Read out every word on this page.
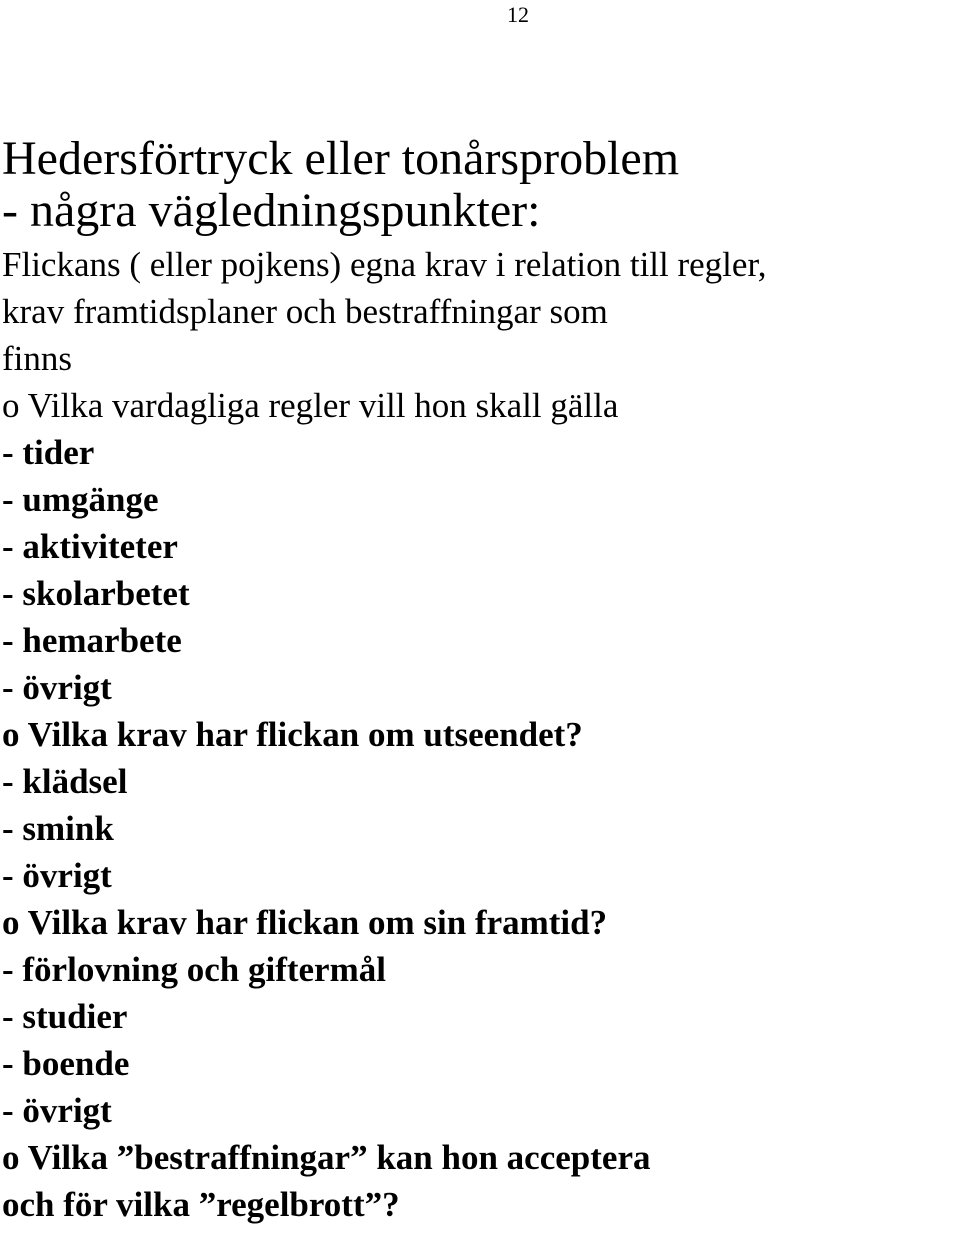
12
Hedersförtryck eller tonårsproblem
- några vägledningspunkter:
Flickans ( eller pojkens) egna krav i relation till regler,
krav framtidsplaner och bestraffningar som
finns
o Vilka vardagliga regler vill hon skall gälla
- tider
- umgänge
- aktiviteter
- skolarbetet
- hemarbete
- övrigt
o Vilka krav har flickan om utseendet?
- klädsel
- smink
- övrigt
o Vilka krav har flickan om sin framtid?
- förlovning och giftermål
- studier
- boende
- övrigt
o Vilka ”bestraffningar” kan hon acceptera
och för vilka ”regelbrott”?
